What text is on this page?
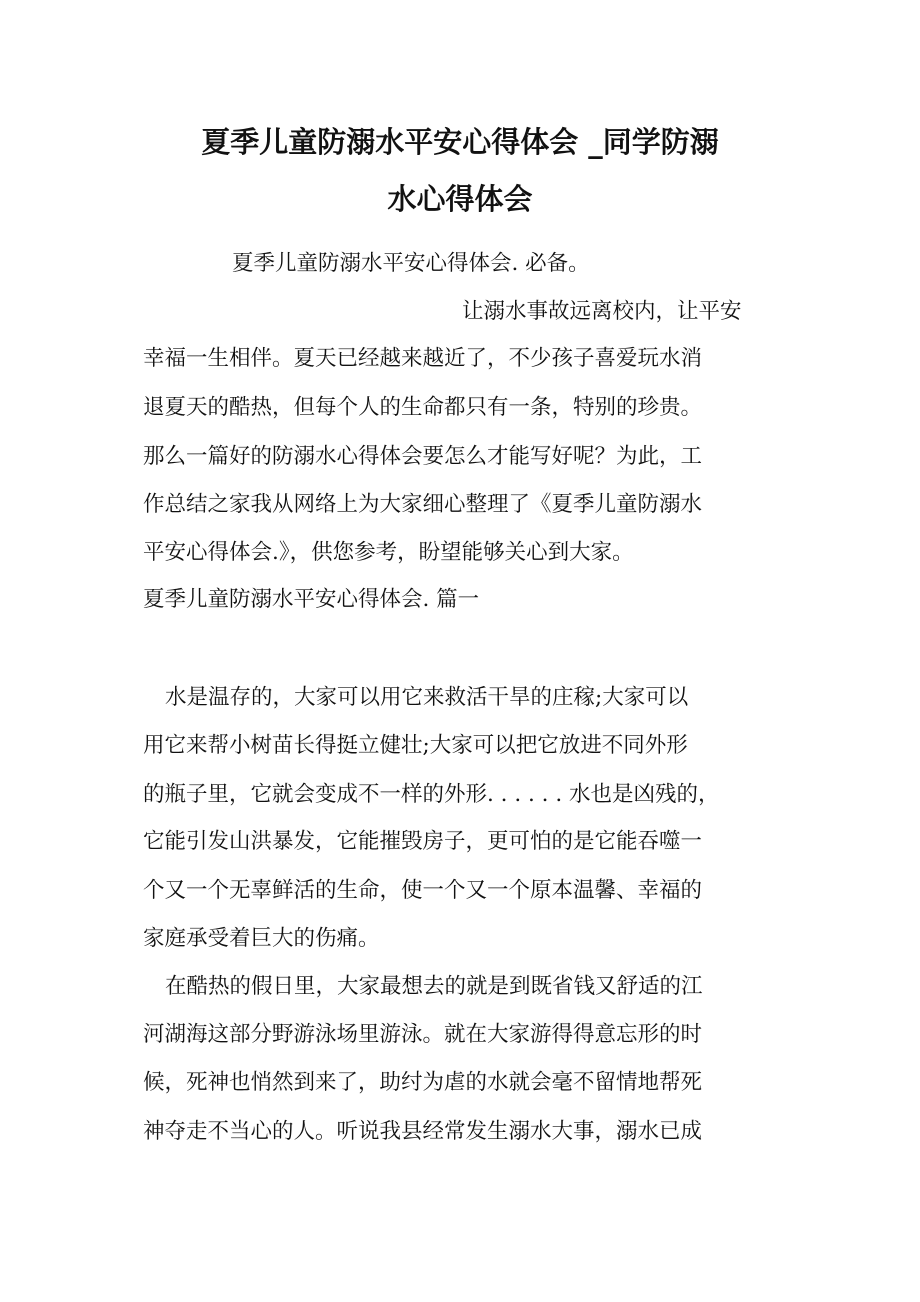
夏季儿童防溺水平安心得体会 _同学防溺
水心得体会
夏季儿童防溺水平安心得体会. 必备。
让溺水事故远离校内，让平安
幸福一生相伴。夏天已经越来越近了，不少孩子喜爱玩水消
退夏天的酷热，但每个人的生命都只有一条，特别的珍贵。
那么一篇好的防溺水心得体会要怎么才能写好呢？为此，工
作总结之家我从网络上为大家细心整理了《夏季儿童防溺水
平安心得体会.》，供您参考，盼望能够关心到大家。
夏季儿童防溺水平安心得体会. 篇一
水是温存的，大家可以用它来救活干旱的庄稼;大家可以
用它来帮小树苗长得挺立健壮;大家可以把它放进不同外形
的瓶子里，它就会变成不一样的外形. . . . . . 水也是凶残的，
它能引发山洪暴发，它能摧毁房子，更可怕的是它能吞噬一
个又一个无辜鲜活的生命，使一个又一个原本温馨、幸福的
家庭承受着巨大的伤痛。
在酷热的假日里，大家最想去的就是到既省钱又舒适的江
河湖海这部分野游泳场里游泳。就在大家游得得意忘形的时
候，死神也悄然到来了，助纣为虐的水就会毫不留情地帮死
神夺走不当心的人。听说我县经常发生溺水大事，溺水已成
